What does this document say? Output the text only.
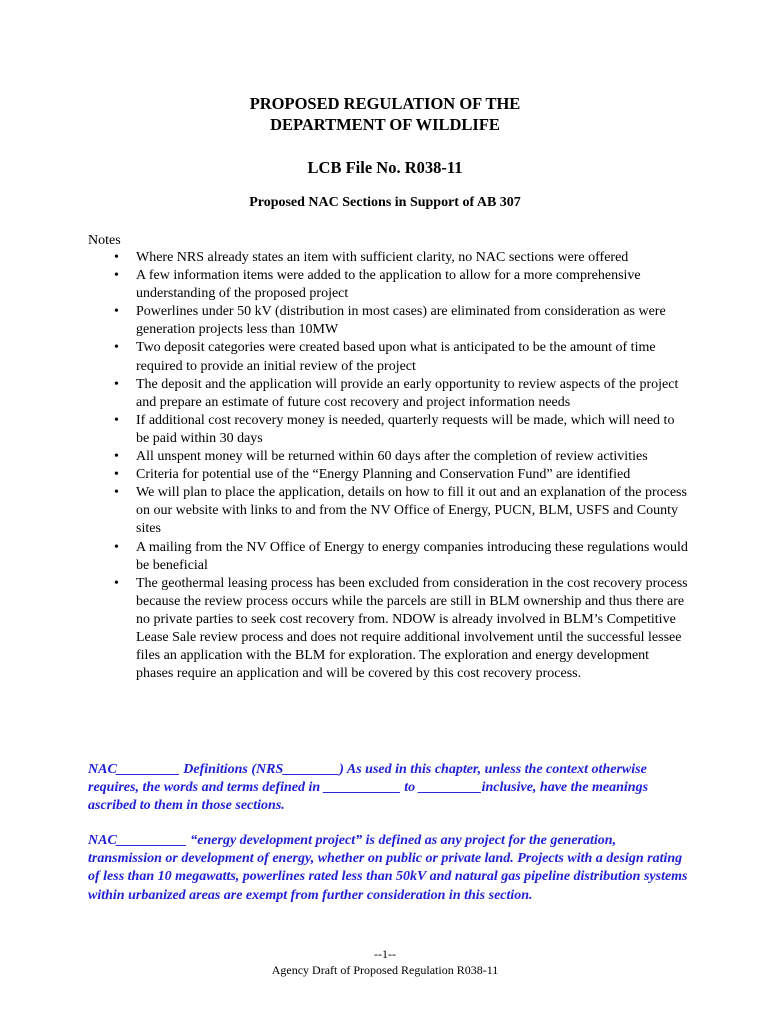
PROPOSED REGULATION OF THE
DEPARTMENT OF WILDLIFE
LCB File No. R038-11
Proposed NAC Sections in Support of AB 307
Notes
• Where NRS already states an item with sufficient clarity, no NAC sections were offered
• A few information items were added to the application to allow for a more comprehensive understanding of the proposed project
• Powerlines under 50 kV (distribution in most cases) are eliminated from consideration as were generation projects less than 10MW
• Two deposit categories were created based upon what is anticipated to be the amount of time required to provide an initial review of the project
• The deposit and the application will provide an early opportunity to review aspects of the project and prepare an estimate of future cost recovery and project information needs
• If additional cost recovery money is needed, quarterly requests will be made, which will need to be paid within 30 days
• All unspent money will be returned within 60 days after the completion of review activities
• Criteria for potential use of the “Energy Planning and Conservation Fund” are identified
• We will plan to place the application, details on how to fill it out and an explanation of the process on our website with links to and from the NV Office of Energy, PUCN, BLM, USFS and County sites
• A mailing from the NV Office of Energy to energy companies introducing these regulations would be beneficial
• The geothermal leasing process has been excluded from consideration in the cost recovery process because the review process occurs while the parcels are still in BLM ownership and thus there are no private parties to seek cost recovery from. NDOW is already involved in BLM’s Competitive Lease Sale review process and does not require additional involvement until the successful lessee files an application with the BLM for exploration. The exploration and energy development phases require an application and will be covered by this cost recovery process.
NAC_________ Definitions (NRS________) As used in this chapter, unless the context otherwise requires, the words and terms defined in ___________ to _________inclusive, have the meanings ascribed to them in those sections.
NAC__________ “energy development project” is defined as any project for the generation, transmission or development of energy, whether on public or private land. Projects with a design rating of less than 10 megawatts, powerlines rated less than 50kV and natural gas pipeline distribution systems within urbanized areas are exempt from further consideration in this section.
--1--
Agency Draft of Proposed Regulation R038-11
